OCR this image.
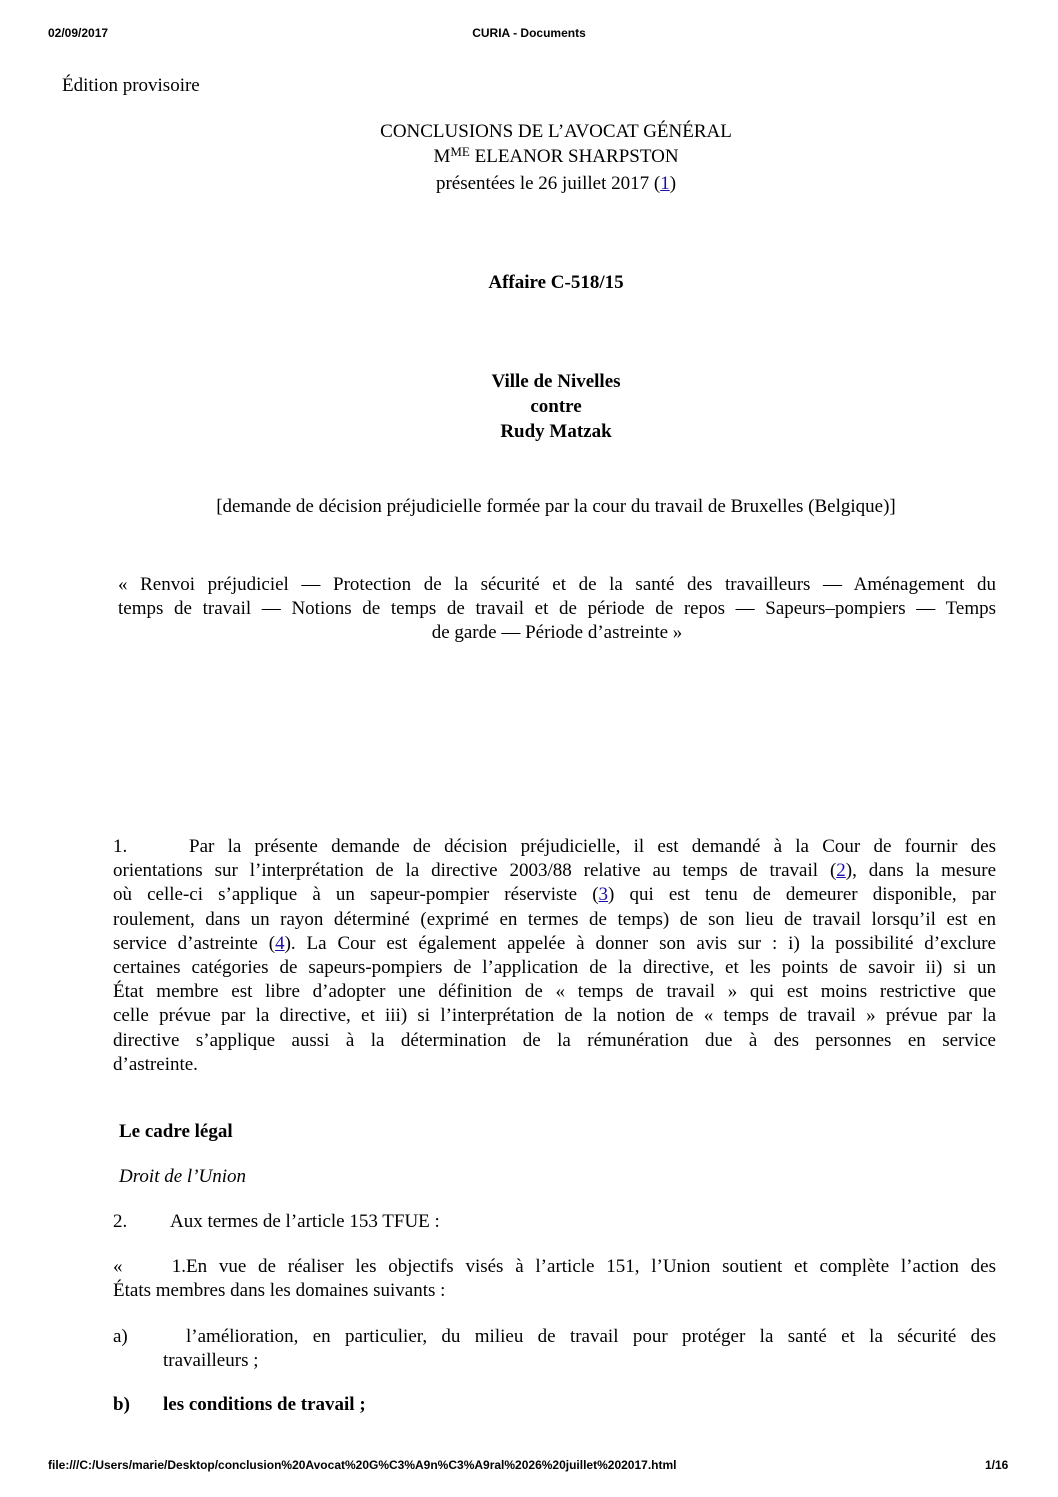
02/09/2017	CURIA - Documents
Édition provisoire
CONCLUSIONS DE L’AVOCAT GÉNÉRAL
$M^{ME}$ ELEANOR SHARPSTON
présentées le 26 juillet 2017 (1)
Affaire C‑518/15
Ville de Nivelles
contre
Rudy Matzak
[demande de décision préjudicielle formée par la cour du travail de Bruxelles (Belgique)]
« Renvoi préjudiciel — Protection de la sécurité et de la santé des travailleurs — Aménagement du
temps de travail — Notions de temps de travail et de période de repos — Sapeurs–pompiers — Temps
de garde — Période d’astreinte »
1.	Par la présente demande de décision préjudicielle, il est demandé à la Cour de fournir des
orientations sur l’interprétation de la directive 2003/88 relative au temps de travail (2), dans la mesure
où celle‑ci s’applique à un sapeur‑pompier réserviste (3) qui est tenu de demeurer disponible, par
roulement, dans un rayon déterminé (exprimé en termes de temps) de son lieu de travail lorsqu’il est en
service d’astreinte (4). La Cour est également appelée à donner son avis sur : i) la possibilité d’exclure
certaines catégories de sapeurs‑pompiers de l’application de la directive, et les points de savoir ii) si un
État membre est libre d’adopter une définition de « temps de travail » qui est moins restrictive que
celle prévue par la directive, et iii) si l’interprétation de la notion de « temps de travail » prévue par la
directive s’applique aussi à la détermination de la rémunération due à des personnes en service
d’astreinte.
Le cadre légal
Droit de l’Union
2. Aux termes de l’article 153 TFUE :
« 1.En vue de réaliser les objectifs visés à l’article 151, l’Union soutient et complète l’action des
États membres dans les domaines suivants :
a)	l’amélioration, en particulier, du milieu de travail pour protéger la santé et la sécurité des
travailleurs ;
b) les conditions de travail ;
file:///C:/Users/marie/Desktop/conclusion%20Avocat%20G%C3%A9n%C3%A9ral%2026%20juillet%202017.html	1/16
